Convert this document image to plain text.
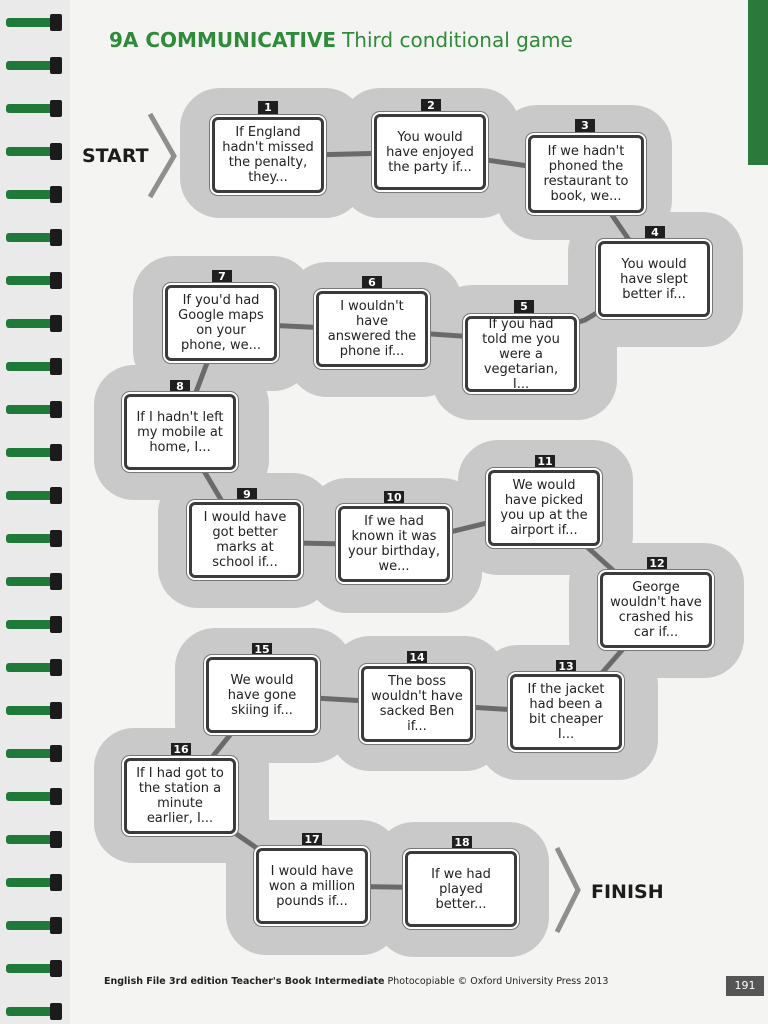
9A COMMUNICATIVE Third conditional game
START
FINISH
1
If England hadn't missed the penalty, they...
2
You would have enjoyed the party if...
3
If we hadn't phoned the restaurant to book, we...
4
You would have slept better if...
5
If you had told me you were a vegetarian, I...
6
I wouldn't have answered the phone if...
7
If you'd had Google maps on your phone, we...
8
If I hadn't left my mobile at home, I...
9
I would have got better marks at school if...
10
If we had known it was your birthday, we...
11
We would have picked you up at the airport if...
12
George wouldn't have crashed his car if...
13
If the jacket had been a bit cheaper I...
14
The boss wouldn't have sacked Ben if...
15
We would have gone skiing if...
16
If I had got to the station a minute earlier, I...
17
I would have won a million pounds if...
18
If we had played better...
English File 3rd edition Teacher's Book Intermediate Photocopiable © Oxford University Press 2013	191
